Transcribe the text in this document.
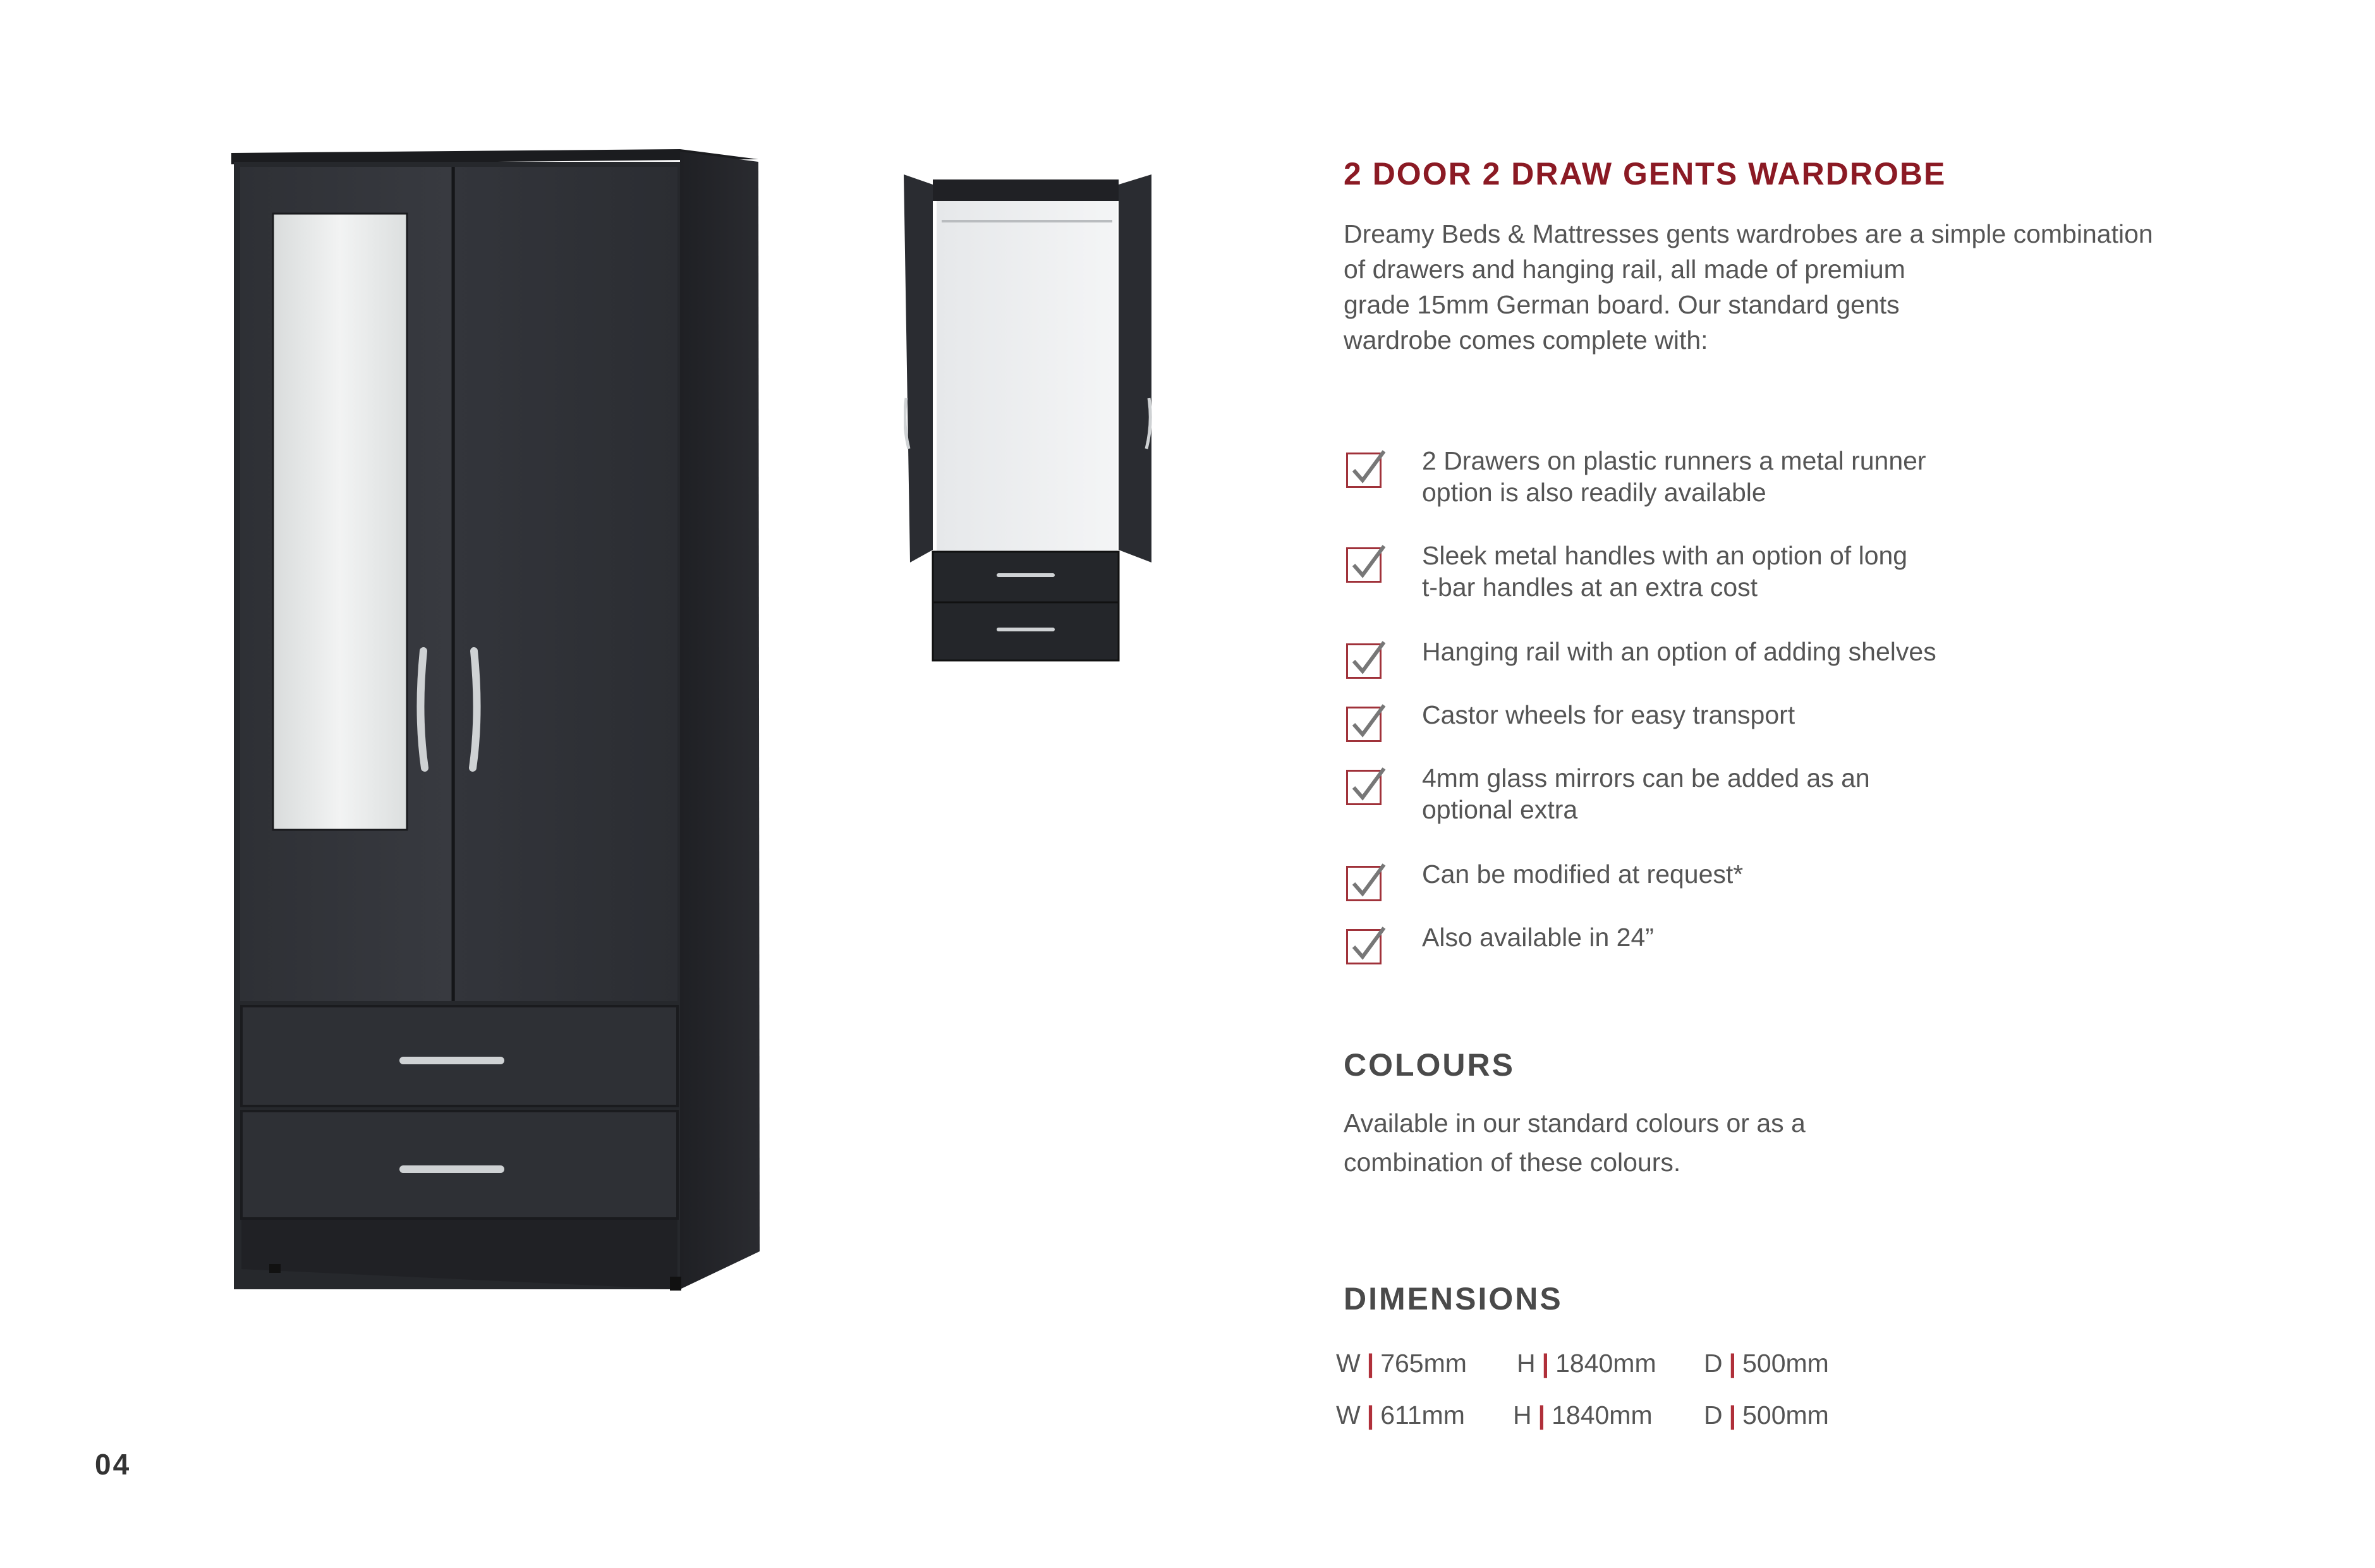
2 DOOR 2 DRAW GENTS WARDROBE
Dreamy Beds & Mattresses gents wardrobes are a simple combination
of drawers and hanging rail, all made of premium
grade 15mm German board. Our standard gents
wardrobe comes complete with:
2 Drawers on plastic runners a metal runner
option is also readily available
Sleek metal handles with an option of long
t-bar handles at an extra cost
Hanging rail with an option of adding shelves
Castor wheels for easy transport
4mm glass mirrors can be added as an
optional extra
Can be modified at request*
Also available in 24”
COLOURS
Available in our standard colours or as a
combination of these colours.
DIMENSIONS
W | 765mm H | 1840mm D | 500mm
W | 611mm H | 1840mm D | 500mm
04
